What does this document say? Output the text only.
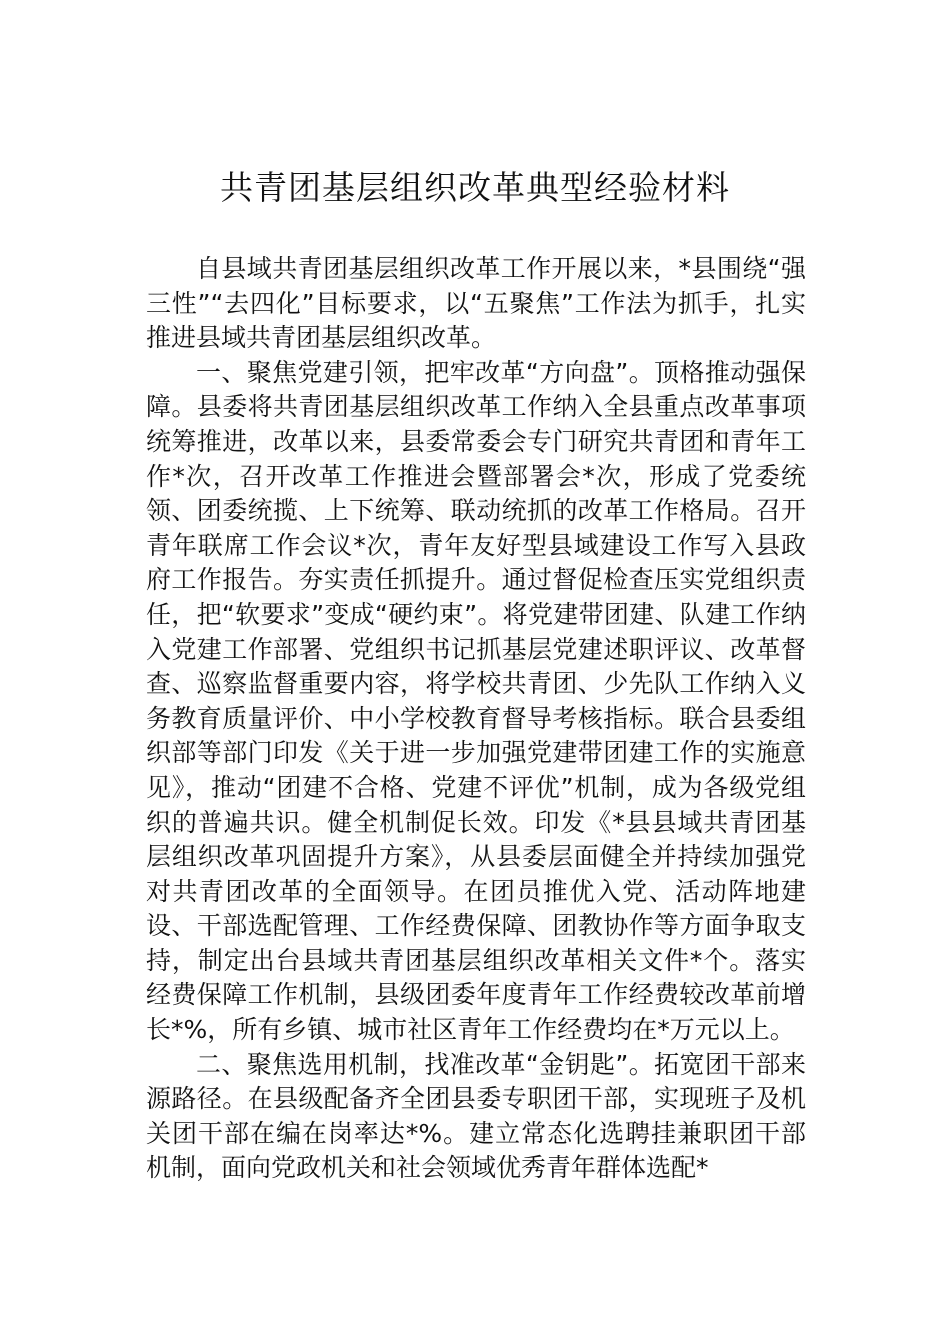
共青团基层组织改革典型经验材料

自县域共青团基层组织改革工作开展以来，*县围绕“强三性”“去四化”目标要求，以“五聚焦”工作法为抓手，扎实推进县域共青团基层组织改革。

一、聚焦党建引领，把牢改革“方向盘”。顶格推动强保障。县委将共青团基层组织改革工作纳入全县重点改革事项统筹推进，改革以来，县委常委会专门研究共青团和青年工作*次，召开改革工作推进会暨部署会*次，形成了党委统领、团委统揽、上下统筹、联动统抓的改革工作格局。召开青年联席工作会议*次，青年友好型县域建设工作写入县政府工作报告。夯实责任抓提升。通过督促检查压实党组织责任，把“软要求”变成“硬约束”。将党建带团建、队建工作纳入党建工作部署、党组织书记抓基层党建述职评议、改革督查、巡察监督重要内容，将学校共青团、少先队工作纳入义务教育质量评价、中小学校教育督导考核指标。联合县委组织部等部门印发《关于进一步加强党建带团建工作的实施意见》，推动“团建不合格、党建不评优”机制，成为各级党组织的普遍共识。健全机制促长效。印发《*县县域共青团基层组织改革巩固提升方案》，从县委层面健全并持续加强党对共青团改革的全面领导。在团员推优入党、活动阵地建设、干部选配管理、工作经费保障、团教协作等方面争取支持，制定出台县域共青团基层组织改革相关文件*个。落实经费保障工作机制，县级团委年度青年工作经费较改革前增长*%，所有乡镇、城市社区青年工作经费均在*万元以上。

二、聚焦选用机制，找准改革“金钥匙”。拓宽团干部来源路径。在县级配备齐全团县委专职团干部，实现班子及机关团干部在编在岗率达*%。建立常态化选聘挂兼职团干部机制，面向党政机关和社会领域优秀青年群体选配*
